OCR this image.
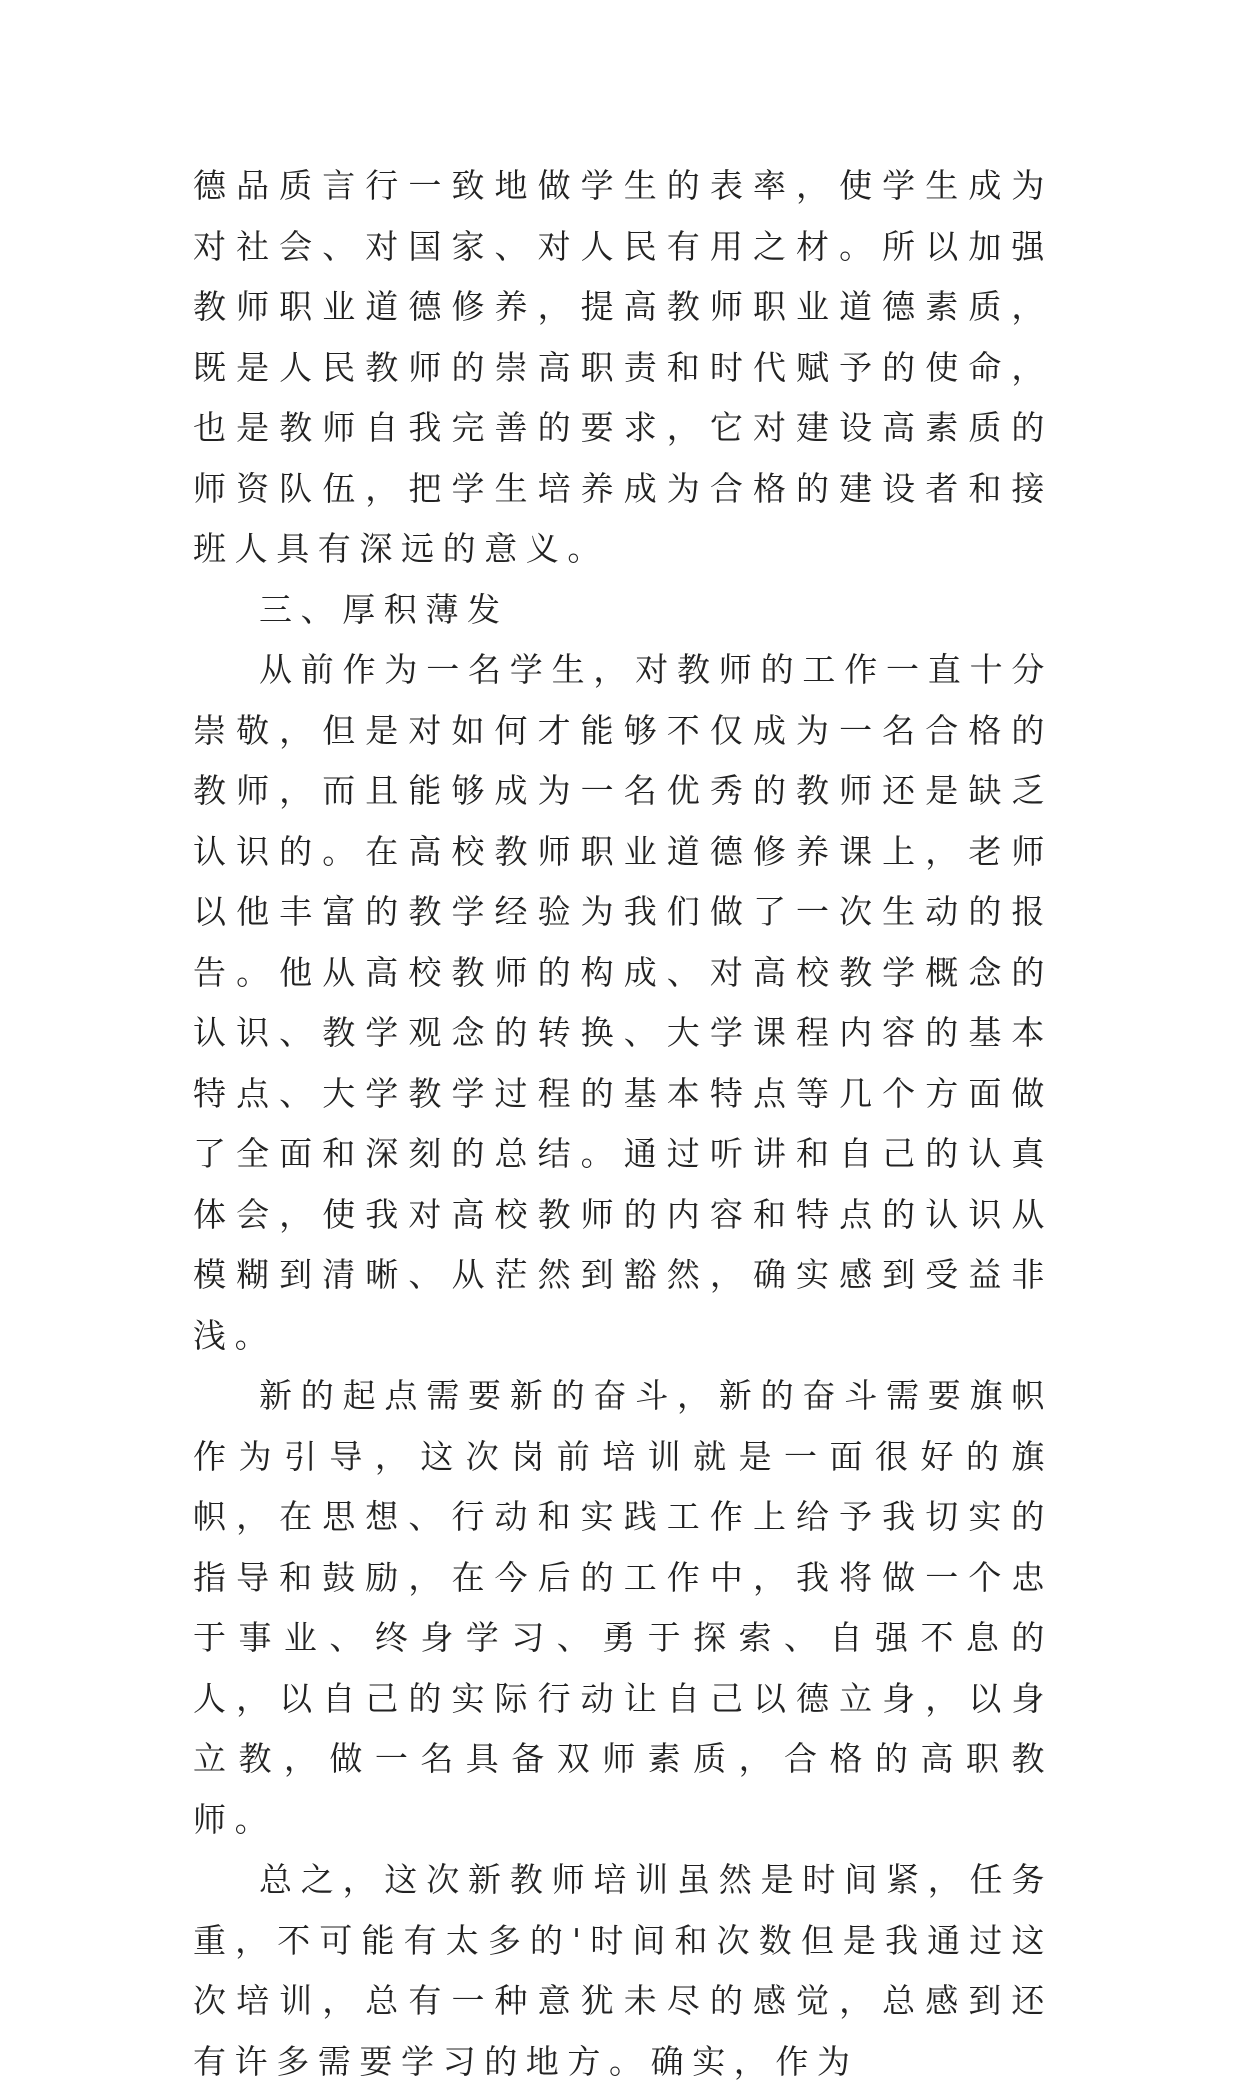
德品质言行一致地做学生的表率，使学生成为对社会、对国家、对人民有用之材。所以加强教师职业道德修养，提高教师职业道德素质，既是人民教师的崇高职责和时代赋予的使命，也是教师自我完善的要求，它对建设高素质的师资队伍，把学生培养成为合格的建设者和接班人具有深远的意义。

三、厚积薄发

从前作为一名学生，对教师的工作一直十分崇敬，但是对如何才能够不仅成为一名合格的教师，而且能够成为一名优秀的教师还是缺乏认识的。在高校教师职业道德修养课上，老师以他丰富的教学经验为我们做了一次生动的报告。他从高校教师的构成、对高校教学概念的认识、教学观念的转换、大学课程内容的基本特点、大学教学过程的基本特点等几个方面做了全面和深刻的总结。通过听讲和自己的认真体会，使我对高校教师的内容和特点的认识从模糊到清晰、从茫然到豁然，确实感到受益非浅。

新的起点需要新的奋斗，新的奋斗需要旗帜作为引导，这次岗前培训就是一面很好的旗帜，在思想、行动和实践工作上给予我切实的指导和鼓励，在今后的工作中，我将做一个忠于事业、终身学习、勇于探索、自强不息的人，以自己的实际行动让自己以德立身，以身立教，做一名具备双师素质，合格的高职教师。

总之，这次新教师培训虽然是时间紧，任务重，不可能有太多的'时间和次数但是我通过这次培训，总有一种意犹未尽的感觉，总感到还有许多需要学习的地方。确实，作为
